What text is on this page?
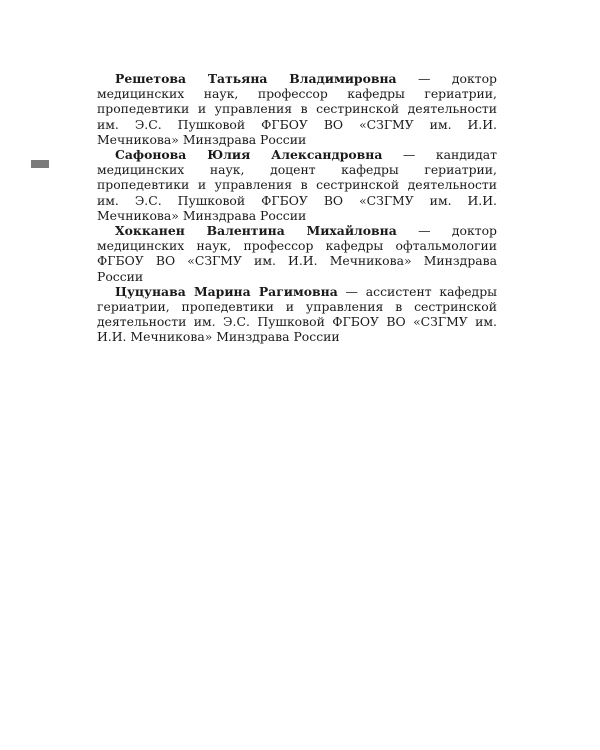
Решетова Татьяна Владимировна — доктор медицинских наук, профессор кафедры гериатрии, пропедевтики и управления в сестринской деятельности им. Э.С. Пушковой ФГБОУ ВО «СЗГМУ им. И.И. Мечникова» Минздрава России

Сафонова Юлия Александровна — кандидат медицинских наук, доцент кафедры гериатрии, пропедевтики и управления в сестринской деятельности им. Э.С. Пушковой ФГБОУ ВО «СЗГМУ им. И.И. Мечникова» Минздрава России

Хокканен Валентина Михайловна — доктор медицинских наук, профессор кафедры офтальмологии ФГБОУ ВО «СЗГМУ им. И.И. Мечникова» Минздрава России

Цуцунава Марина Рагимовна — ассистент кафедры гериатрии, пропедевтики и управления в сестринской деятельности им. Э.С. Пушковой ФГБОУ ВО «СЗГМУ им. И.И. Мечникова» Минздрава России
